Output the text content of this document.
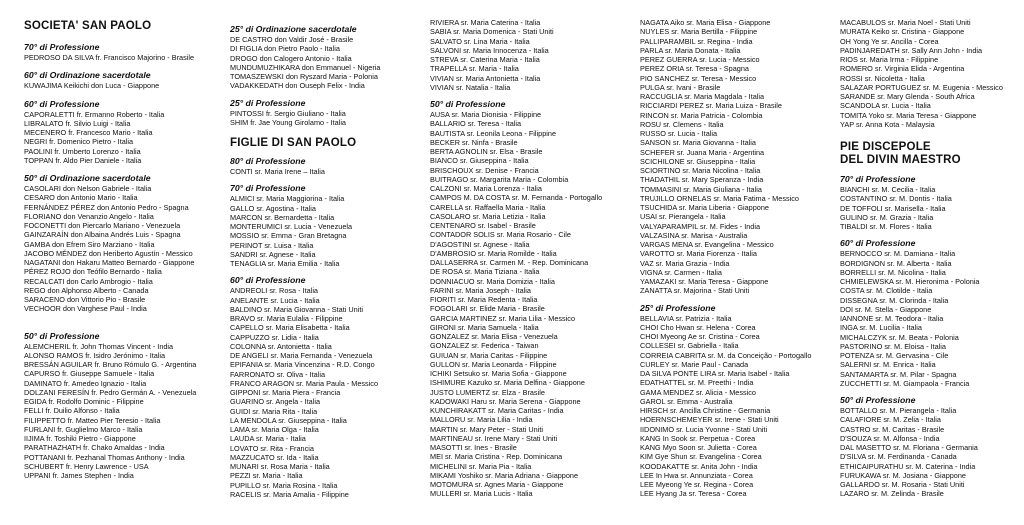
SOCIETA' SAN PAOLO
70° di Professione
PEDROSO DA SILVA fr. Francisco Majorino - Brasile
60° di Ordinazione sacerdotale
KUWAJIMA Keikichi don Luca - Giappone
60° di Professione
CAPORALETTI fr. Ermanno Roberto - Italia
LIBRALATO fr. Silvio Luigi - Italia
MECENERO fr. Francesco Mario - Italia
NEGRI fr. Domenico Pietro - Italia
PAOLINI fr. Umberto Lorenzo - Italia
TOPPAN fr. Aldo Pier Daniele - Italia
50° di Ordinazione sacerdotale
CASOLARI don Nelson Gabriele - Italia
CESARO don Antonio Mario - Italia
FERNÁNDEZ PÉREZ don Antonio Pedro - Spagna
FLORIANO don Venanzio Angelo - Italia
FOCONETTI don Piercarlo Mariano - Venezuela
GAINZARAÍN don Albaina Andrés Luis - Spagna
GAMBA don Efrem Siro Marziano - Italia
JACOBO MÉNDEZ don Heriberto Agustín - Messico
NAGATANI don Hakaru Matteo Bernardo - Giappone
PÉREZ ROJO don Teófilo Bernardo - Italia
RECALCATI don Carlo Ambrogio - Italia
REGO don Alphonso Alberto - Canada
SARACENO don Vittorio Pio - Brasile
VECHOOR don Varghese Paul - India
50° di Professione
ALEMCHERIL fr. John Thomas Vincent - India
ALONSO RAMOS fr. Isidro Jerónimo - Italia
BRESSÁN AGUILAR fr. Bruno Rómulo G. - Argentina
CAPURSO fr. Giuseppe Samuele - Italia
DAMINATO fr. Amedeo Ignazio - Italia
DOLZANI FERESÍN fr. Pedro Germán A. - Venezuela
EGIDA fr. Rodolfo Dominic - Filippine
FELLI fr. Duilio Alfonso - Italia
FILIPPETTO fr. Matteo Pier Teresio - Italia
FURLANI fr. Guglielmo Marco - Italia
IIJIMA fr. Toshiki Pietro - Giappone
PARATHAZHATH fr. Chako Amaldas - India
POTTANANI fr. Pezhanal Thomas Anthony - India
SCHUBERT fr. Henry Lawrence - USA
UPPANI fr. James Stephen - India
25° di Ordinazione sacerdotale
DE CASTRO don Valdir José - Brasile
DI FIGLIA don Pietro Paolo - Italia
DROGO don Calogero Antonio - Italia
MUNDUMUZHIKARA don Emmanuel - Nigeria
TOMASZEWSKI don Ryszard Maria - Polonia
VADAKKEDATH don Ouseph Felix - India
25° di Professione
PINTOSSI fr. Sergio Giuliano - Italia
SHIM fr. Jae Young Girolamo - Italia
FIGLIE DI SAN PAOLO
80° di Professione
CONTI sr. Maria Irene – Italia
70° di Professione
ALMICI sr. Maria Maggiorina - Italia
GALLO sr. Agostina - Italia
MARCON sr. Bernardetta - Italia
MONTERUMICI sr. Lucia - Venezuela
MOSSIO sr. Emma - Gran Bretagna
PERINOT sr. Luisa - Italia
SANDRI sr. Agnese - Italia
TENAGLIA sr. Maria Emilia - Italia
60° di Professione
ANDREOLI sr. Rosa - Italia
ANELANTE sr. Lucia - Italia
BALDINO sr. Maria Giovanna - Stati Uniti
BRAVO sr. Maria Eulalia - Filippine
CAPELLO sr. Maria Elisabetta - Italia
CAPPUZZO sr. Lidia - Italia
COLONNA sr. Antonietta - Italia
DE ANGELI sr. Maria Fernanda - Venezuela
EPIFANIA sr. Maria Vincenzina - R.D. Congo
FARRONATO sr. Oliva - Italia
FRANCO ARAGON sr. Maria Paula - Messico
GIPPONI sr. Maria Piera - Francia
GUARINO sr. Angela - Italia
GUIDI sr. Maria Rita - Italia
LA MENDOLA sr. Giuseppina - Italia
LAMA sr. Maria Olga - Italia
LAUDA sr. Maria - Italia
LOVATO sr. Rita - Francia
MAZZUCATO sr. Ida - Italia
MUNARI sr. Rosa Maria - Italia
PEZZI sr. Maria - Italia
PUPILLO sr. Maria Rosina - Italia
RACELIS sr. Maria Amalia - Filippine
RIVIERA sr. Maria Caterina - Italia
SABIA sr. Maria Domenica - Stati Uniti
SALVATO sr. Lina Maria - Italia
SALVONI sr. Maria Innocenza - Italia
STREVA sr. Caterina Maria - Italia
TRAPELLA sr. Maria - Italia
VIVIAN sr. Maria Antonietta - Italia
VIVIAN sr. Natalia - Italia
50° di Professione
AUSA sr. Maria Dionisia - Filippine
BALLARIO sr. Teresa - Italia
BAUTISTA sr. Leonila Leona - Filippine
BECKER sr. Ninfa - Brasile
BERTA AGNOLIN sr. Elsa - Brasile
BIANCO sr. Giuseppina - Italia
BRISCHOUX sr. Denise - Francia
BUITRAGO sr. Margarita Maria - Colombia
CALZONI sr. Maria Lorenza - Italia
CAMPOS M. DA COSTA sr. M. Fernanda - Portogallo
CARELLA sr. Raffaella Maria - Italia
CASOLARO sr. Maria Letizia - Italia
CENTENARO sr. Isabel - Brasile
CONTADOR SOLIS sr. Maria Rosario - Cile
D'AGOSTINI sr. Agnese - Italia
D'AMBROSIO sr. Maria Romilde - Italia
DALLASERRA sr. Carmen M. - Rep. Dominicana
DE ROSA sr. Maria Tiziana - Italia
DONNIACUO sr. Maria Domizia - Italia
FARINI sr. Maria Joseph - Italia
FIORITI sr. Maria Redenta - Italia
FOGOLARI sr. Elide Maria - Brasile
GARCIA MARTINEZ sr. Maria Lilia - Messico
GIRONI sr. Maria Samuela - Italia
GONZALEZ sr. Maria Elisa - Venezuela
GONZALEZ sr. Federica - Taiwan
GUIUAN sr. Maria Caritas - Filippine
GULLON sr. Maria Leonarda - Filippine
ICHIKI Setsuko sr. Maria Sofia - Giappone
ISHIMURE Kazuko sr. Maria Delfina - Giappone
JUSTO LUMERTZ sr. Elza - Brasile
KADOWAKI Haru sr. Maria Serena - Giappone
KUNCHIRAKATT sr. Maria Caritas - India
MALLORU sr. Maria Lilia - India
MARTIN sr. Mary Peter - Stati Uniti
MARTINEAU sr. Irene Mary - Stati Uniti
MASOTTI sr. Ines - Brasile
MEI sr. Maria Cristina - Rep. Dominicana
MICHELINI sr. Maria Pia - Italia
MIKAMI Yoshiko sr. Maria Adriana - Giappone
MOTOMURA sr. Agnes Maria - Giappone
MULLERI sr. Maria Lucis - Italia
NAGATA Aiko sr. Maria Elisa - Giappone
NUYLES sr. Maria Bertilla - Filippine
PALLIPARAMBIL sr. Regina - India
PARLA sr. Maria Donata - Italia
PEREZ GUERRA sr. Lucia - Messico
PEREZ ORIA sr. Teresa - Spagna
PIO SANCHEZ sr. Teresa - Messico
PULGA sr. Ivani - Brasile
RACCUGLIA sr. Maria Magdala - Italia
RICCIARDI PEREZ sr. Maria Luiza - Brasile
RINCON sr. Maria Patricia - Colombia
ROSU sr. Clemens - Italia
RUSSO sr. Lucia - Italia
SANSON sr. Maria Giovanna - Italia
SCHEFER sr. Juana Maria - Argentina
SCICHILONE sr. Giuseppina - Italia
SCIORTINO sr. Maria Nicolina - Italia
THADATHIL sr. Mary Speranza - India
TOMMASINI sr. Maria Giuliana - Italia
TRUJILLO ORNELAS sr. Maria Fatima - Messico
TSUCHIDA sr. Maria Liberia - Giappone
USAI sr. Pierangela - Italia
VALYAPARAMPIL sr. M. Fides - India
VALZASINA sr. Marisa - Australia
VARGAS MENA sr. Evangelina - Messico
VAROTTO sr. Maria Fiorenza - Italia
VAZ sr. Maria Grazia - India
VIGNA sr. Carmen - Italia
YAMAZAKI sr. Maria Teresa - Giappone
ZANATTA sr. Majorina - Stati Uniti
25° di Professione
BELLAVIA sr. Patrizia - Italia
CHOI Cho Hwan sr. Helena - Corea
CHOI Myeong Ae sr. Cristina - Corea
COLLESEI sr. Gabriella - Italia
CORREIA CABRITA sr. M. da Conceição - Portogallo
CURLEY sr. Marie Paul - Canada
DA SILVA PONTE LIRA sr. Maria Isabel - Italia
EDATHATTEL sr. M. Preethi - India
GAMA MENDEZ sr. Alicia - Messico
GAROL sr. Emma - Australia
HIRSCH sr. Ancilla Christine - Germania
HOERNSCHEMEYER sr. Irene - Stati Uniti
IIDONIMO sr. Lucia Yvonne - Stati Uniti
KANG In Sook sr. Perpetua - Corea
KANG Myo Soon sr. Julietta - Corea
KIM Gye Shun sr. Evangelina - Corea
KOODAKATTE sr. Anita John - India
LEE In Hwa sr. Annunziata - Corea
LEE Myeong Ye sr. Regina - Corea
LEE Hyang Ja sr. Teresa - Corea
MACABULOS sr. Maria Noel - Stati Uniti
MURATA Keiko sr. Cristina - Giappone
OH Yong Ye sr. Ancilla - Corea
PADINJAREDATH sr. Sally Ann John - India
RIOS sr. Maria Irma - Filippine
ROMERO sr. Virginia Elida - Argentina
ROSSI sr. Nicoletta - Italia
SALAZAR PORTUGUEZ sr. M. Eugenia - Messico
SARANDE sr. Mary Glenda - South Africa
SCANDOLA sr. Lucia - Italia
TOMITA Yoko sr. Maria Teresa - Giappone
YAP sr. Anna Kota - Malaysia
PIE DISCEPOLE
DEL DIVIN MAESTRO
70° di Professione
BIANCHI sr. M. Cecilia - Italia
COSTANTINO sr. M. Dontis - Italia
DE TOFFOLI sr. Marisella - Italia
GULINO sr. M. Grazia - Italia
TIBALDI sr. M. Flores - Italia
60° di Professione
BERNOCCO sr. M. Damiana - Italia
BORDIGNON sr. M. Alberta - Italia
BORRELLI sr. M. Nicolina - Italia
CHMIELEWSKA sr. M. Hieronima - Polonia
COSTA sr. M. Clotilde - Italia
DISSEGNA sr. M. Clorinda - Italia
DOI sr. M. Stella - Giappone
IANNONE sr. M. Teodora - Italia
INGA sr. M. Lucilia - Italia
MICHALCZYK sr. M. Beata - Polonia
PASTORINO sr. M. Eloisa - Italia
POTENZA sr. M. Gervasina - Cile
SALERNI sr. M. Enrica - Italia
SANTAMARTA sr. M. Pilar - Spagna
ZUCCHETTI sr. M. Giampaola - Francia
50° di Professione
BOTTALLO sr. M. Pierangela - Italia
CALAFIORE sr. M. Zelia - Italia
CASTRO sr. M. Caritas - Brasile
D'SOUZA sr. M. Alfonsa - India
DAL MASETTO sr. M. Floriana - Germania
D'SILVA sr. M. Ferdinanda - Canada
ETHICAIPURATHU sr. M. Caterina - India
FURUKAWA sr. M. Josiana - Giappone
GALLARDO sr. M. Rosaria - Stati Uniti
LAZARO sr. M. Zelinda - Brasile
